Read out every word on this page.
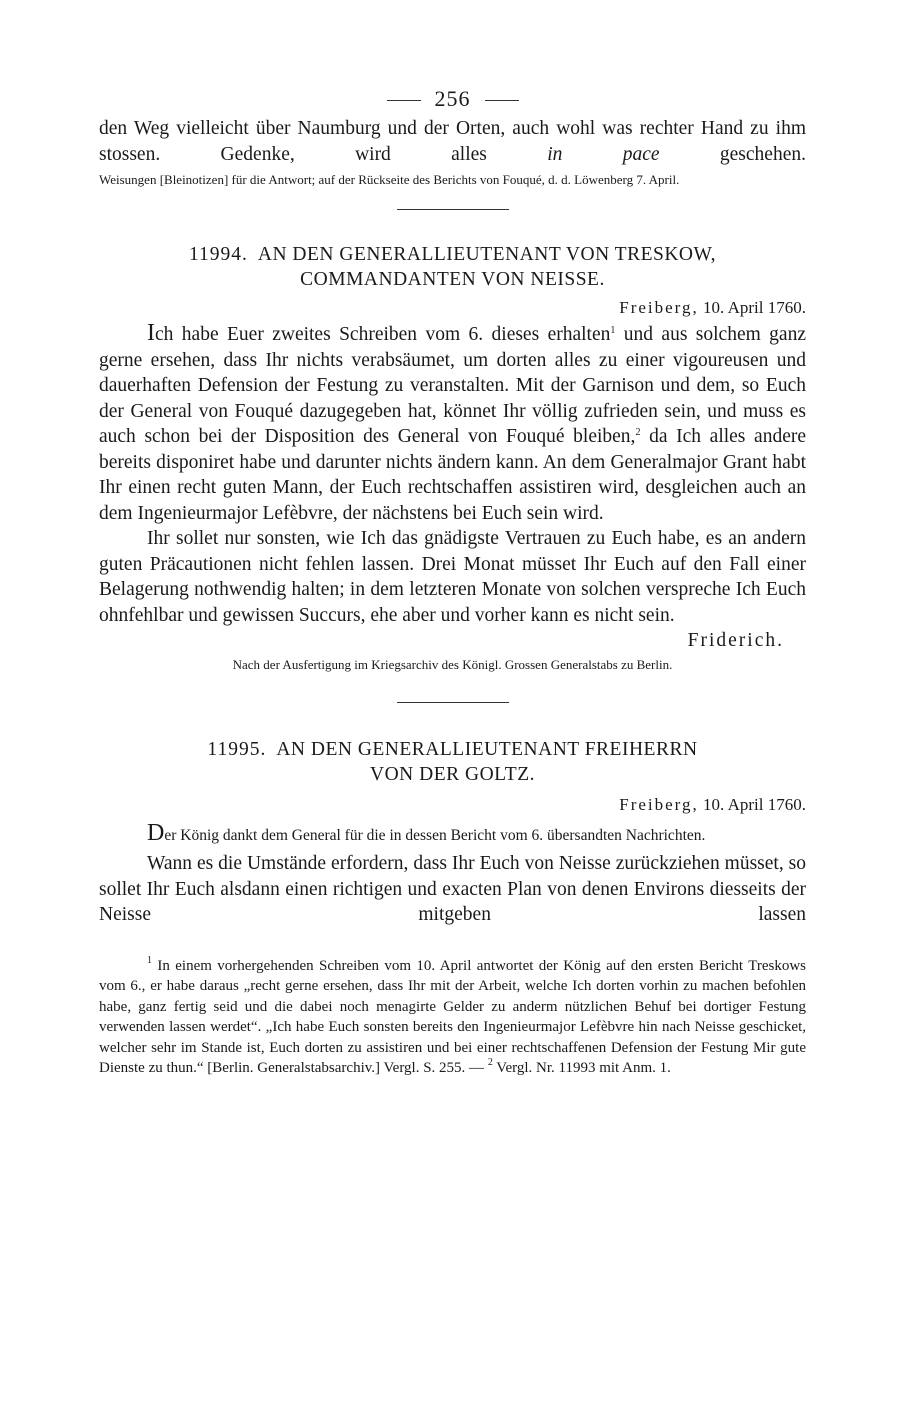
256

den Weg vielleicht über Naumburg und der Orten, auch wohl was rechter Hand zu ihm stossen. Gedenke, wird alles in pace geschehen.

Weisungen [Bleinotizen] für die Antwort; auf der Rückseite des Berichts von Fouqué, d. d. Löwenberg 7. April.
11994. AN DEN GENERALLIEUTENANT VON TRESKOW,
COMMANDANTEN VON NEISSE.
Freiberg, 10. April 1760.

Ich habe Euer zweites Schreiben vom 6. dieses erhalten$^1$ und aus solchem ganz gerne ersehen, dass Ihr nichts verabsäumet, um dorten alles zu einer vigoureusen und dauerhaften Defension der Festung zu veranstalten. Mit der Garnison und dem, so Euch der General von Fouqué dazugegeben hat, könnet Ihr völlig zufrieden sein, und muss es auch schon bei der Disposition des General von Fouqué bleiben,$^2$ da Ich alles andere bereits disponiret habe und darunter nichts ändern kann. An dem Generalmajor Grant habt Ihr einen recht guten Mann, der Euch rechtschaffen assistiren wird, desgleichen auch an dem Ingenieurmajor Lefèbvre, der nächstens bei Euch sein wird.

Ihr sollet nur sonsten, wie Ich das gnädigste Vertrauen zu Euch habe, es an andern guten Präcautionen nicht fehlen lassen. Drei Monat müsset Ihr Euch auf den Fall einer Belagerung nothwendig halten; in dem letzteren Monate von solchen verspreche Ich Euch ohnfehlbar und gewissen Succurs, ehe aber und vorher kann es nicht sein.

Friderich.
Nach der Ausfertigung im Kriegsarchiv des Königl. Grossen Generalstabs zu Berlin.
11995. AN DEN GENERALLIEUTENANT FREIHERRN
VON DER GOLTZ.
Freiberg, 10. April 1760.
Der König dankt dem General für die in dessen Bericht vom 6. übersandten Nachrichten.

Wann es die Umstände erfordern, dass Ihr Euch von Neisse zurückziehen müsset, so sollet Ihr Euch alsdann einen richtigen und exacten Plan von denen Environs diesseits der Neisse mitgeben lassen

$^1$ In einem vorhergehenden Schreiben vom 10. April antwortet der König auf den ersten Bericht Treskows vom 6., er habe daraus „recht gerne ersehen, dass Ihr mit der Arbeit, welche Ich dorten vorhin zu machen befohlen habe, ganz fertig seid und die dabei noch menagirte Gelder zu anderm nützlichen Behuf bei dortiger Festung verwenden lassen werdet“. „Ich habe Euch sonsten bereits den Ingenieurmajor Lefèbvre hin nach Neisse geschicket, welcher sehr im Stande ist, Euch dorten zu assistiren und bei einer rechtschaffenen Defension der Festung Mir gute Dienste zu thun.“ [Berlin. Generalstabsarchiv.] Vergl. S. 255. — $^2$ Vergl. Nr. 11993 mit Anm. 1.
